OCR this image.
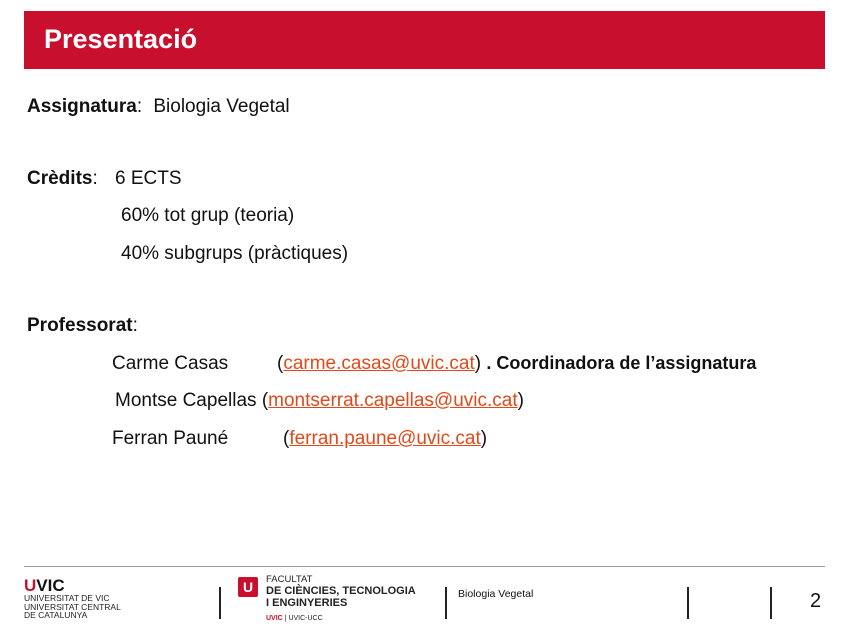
Presentació
Assignatura: Biologia Vegetal
Crèdits: 6 ECTS
60% tot grup (teoria)
40% subgrups (pràctiques)
Professorat:
Carme Casas	(carme.casas@uvic.cat) . Coordinadora de l’assignatura
Montse Capellas (montserrat.capellas@uvic.cat)
Ferran Pauné	(ferran.paune@uvic.cat)
UVIC
UNIVERSITAT DE VIC
UNIVERSITAT CENTRAL
DE CATALUNYA
U	FACULTAT
DE CIÈNCIES, TECNOLOGIA
I ENGINYERIES
UVIC | UVIC-UCC
Biologia Vegetal	2
